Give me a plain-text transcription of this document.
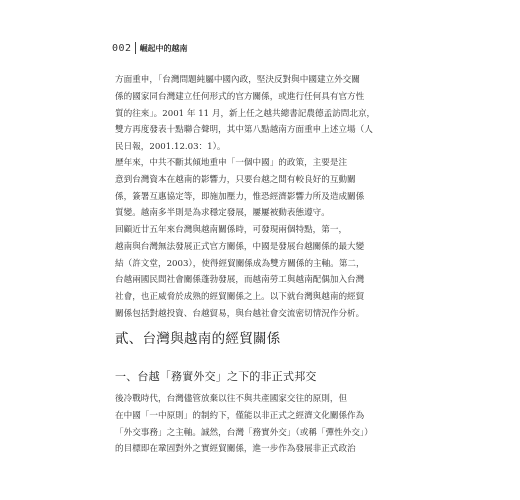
002 崛起中的越南

方面重申，「台灣問題純屬中國內政，堅決反對與中國建立外交關

係的國家同台灣建立任何形式的官方關係，或進行任何具有官方性

質的往來」。2001 年 11 月，新上任之越共總書記農德孟訪問北京，

雙方再度發表十點聯合聲明，其中第八點越南方面重申上述立場（人

民日報，2001.12.03：1）。

歷年來，中共不斷其傾地重申「一個中國」的政策，主要是注

意到台灣資本在越南的影響力，只要台越之間有較良好的互動關

係，簽署互惠協定等，即施加壓力，惟恐經濟影響力所及造成關係

質變。越南多半則是為求穩定發展，屢屢被動表態遵守。

回顧近廿五年來台灣與越南關係時，可發現兩個特點，第一，

越南與台灣無法發展正式官方關係，中國是發展台越關係的最大變

結（許文堂，2003），使得經貿關係成為雙方關係的主軸。第二，

台越兩國民間社會關係蓬勃發展，而越南勞工與越南配偶加入台灣

社會，也正威脅於成熟的經貿關係之上。以下就台灣與越南的經貿

關係包括對越投資、台越貿易，與台越社會交流密切情況作分析。

貳、台灣與越南的經貿關係
一、台越「務實外交」之下的非正式邦交

後冷戰時代，台灣儘管放棄以往不與共產國家交往的原則，但

在中國「一中原則」的制約下，僅能以非正式之經濟文化關係作為

「外交事務」之主軸。誠然，台灣「務實外交」（或稱「彈性外交」）

的目標即在鞏固對外之實經貿關係，進一步作為發展非正式政治
